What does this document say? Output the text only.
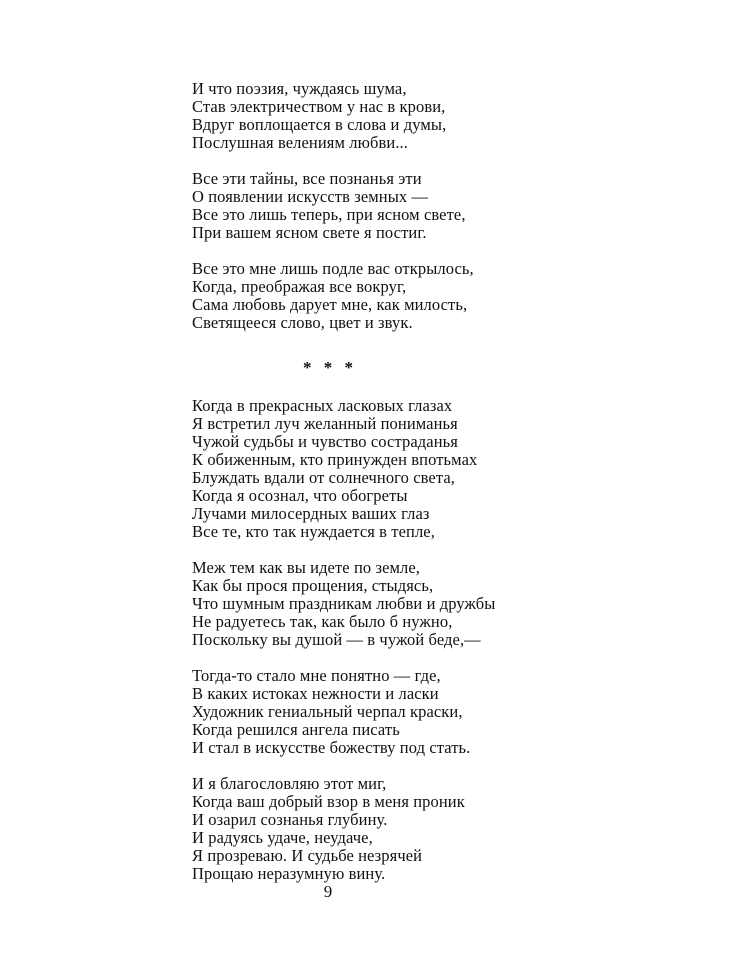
И что поэзия, чуждаясь шума,
Став электричеством у нас в крови,
Вдруг воплощается в слова и думы,
Послушная велениям любви...
Все эти тайны, все познанья эти
О появлении искусств земных —
Все это лишь теперь, при ясном свете,
При вашем ясном свете я постиг.
Все это мне лишь подле вас открылось,
Когда, преображая все вокруг,
Сама любовь дарует мне, как милость,
Светящееся слово, цвет и звук.
* * *
Когда в прекрасных ласковых глазах
Я встретил луч желанный пониманья
Чужой судьбы и чувство состраданья
К обиженным, кто принужден впотьмах
Блуждать вдали от солнечного света,
Когда я осознал, что обогреты
Лучами милосердных ваших глаз
Все те, кто так нуждается в тепле,
Меж тем как вы идете по земле,
Как бы прося прощения, стыдясь,
Что шумным праздникам любви и дружбы
Не радуетесь так, как было б нужно,
Поскольку вы душой — в чужой беде,—
Тогда-то стало мне понятно — где,
В каких истоках нежности и ласки
Художник гениальный черпал краски,
Когда решился ангела писать
И стал в искусстве божеству под стать.
И я благословляю этот миг,
Когда ваш добрый взор в меня проник
И озарил сознанья глубину.
И радуясь удаче, неудаче,
Я прозреваю. И судьбе незрячей
Прощаю неразумную вину.
9
